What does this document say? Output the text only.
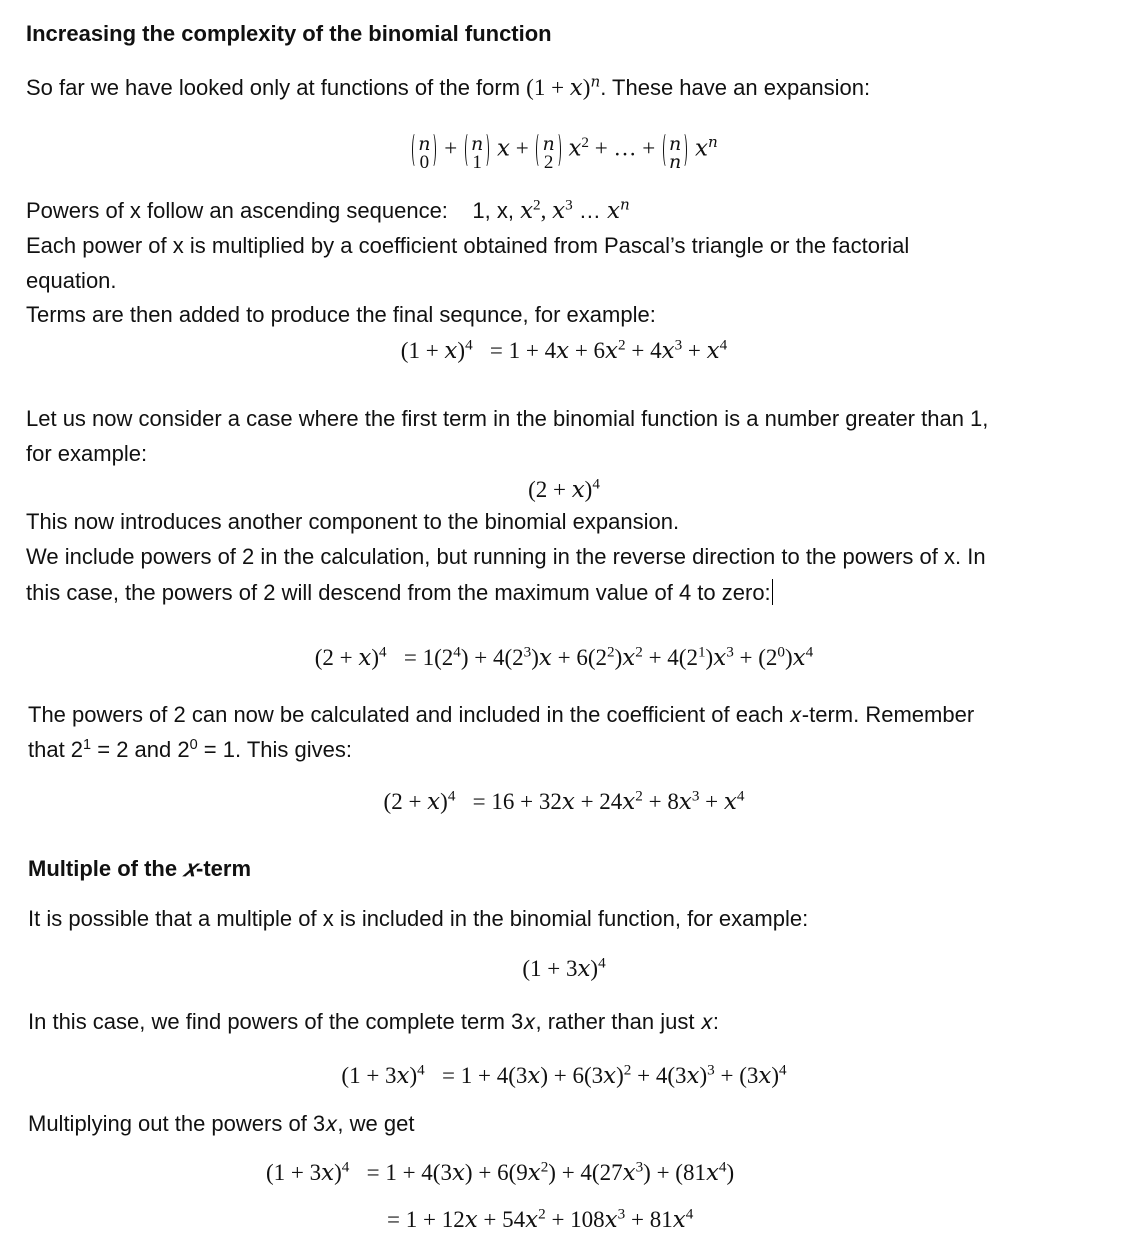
Increasing the complexity of the binomial function
So far we have looked only at functions of the form (1 + 𝑥)$^𝑛$. These have an expansion:
𝑛
0
+ 𝑛
1
𝑥 + 𝑛
2
𝑥$^2$ + … + 𝑛
𝑛
𝑥$^𝑛$
Powers of x follow an ascending sequence: 1, x, 𝑥$^2$, 𝑥$^3$ … 𝑥$^𝑛$
Each power of x is multiplied by a coefficient obtained from Pascal’s triangle or the factorial
equation.
Terms are then added to produce the final sequnce, for example:
(1 + 𝑥)$^4$ = 1 + 4𝑥 + 6𝑥$^2$ + 4𝑥$^3$ + 𝑥$^4$
Let us now consider a case where the first term in the binomial function is a number greater than 1,
for example:
(2 + 𝑥)$^4$
This now introduces another component to the binomial expansion.
We include powers of 2 in the calculation, but running in the reverse direction to the powers of x. In
this case, the powers of 2 will descend from the maximum value of 4 to zero:
(2 + 𝑥)$^4$ = $1(2^4)$ + $4(2^3)𝑥$ + $6(2^2)𝑥^2$ + $4(2^1)𝑥^3$ + $(2^0)𝑥^4$
The powers of 2 can now be calculated and included in the coefficient of each 𝑥-term. Remember
that $2^1 = 2$ and $2^0 = 1$. This gives:
(2 + 𝑥)$^4$ = 16 + 32𝑥 + 24𝑥$^2$ + 8𝑥$^3$ + 𝑥$^4$
Multiple of the 𝑥-term
It is possible that a multiple of x is included in the binomial function, for example:
(1 + 3𝑥)$^4$
In this case, we find powers of the complete term 3𝑥, rather than just 𝑥:
(1 + 3𝑥)$^4$ = 1 + 4(3𝑥) + 6(3𝑥)$^2$ + 4(3𝑥)$^3$ + (3𝑥)$^4$
Multiplying out the powers of 3𝑥, we get
(1 + 3𝑥)$^4$ = 1 + 4(3𝑥) + 6(9𝑥$^2$) + 4(27𝑥$^3$) + (81𝑥$^4$)
= 1 + 12𝑥 + 54𝑥$^2$ + 108𝑥$^3$ + 81𝑥$^4$
